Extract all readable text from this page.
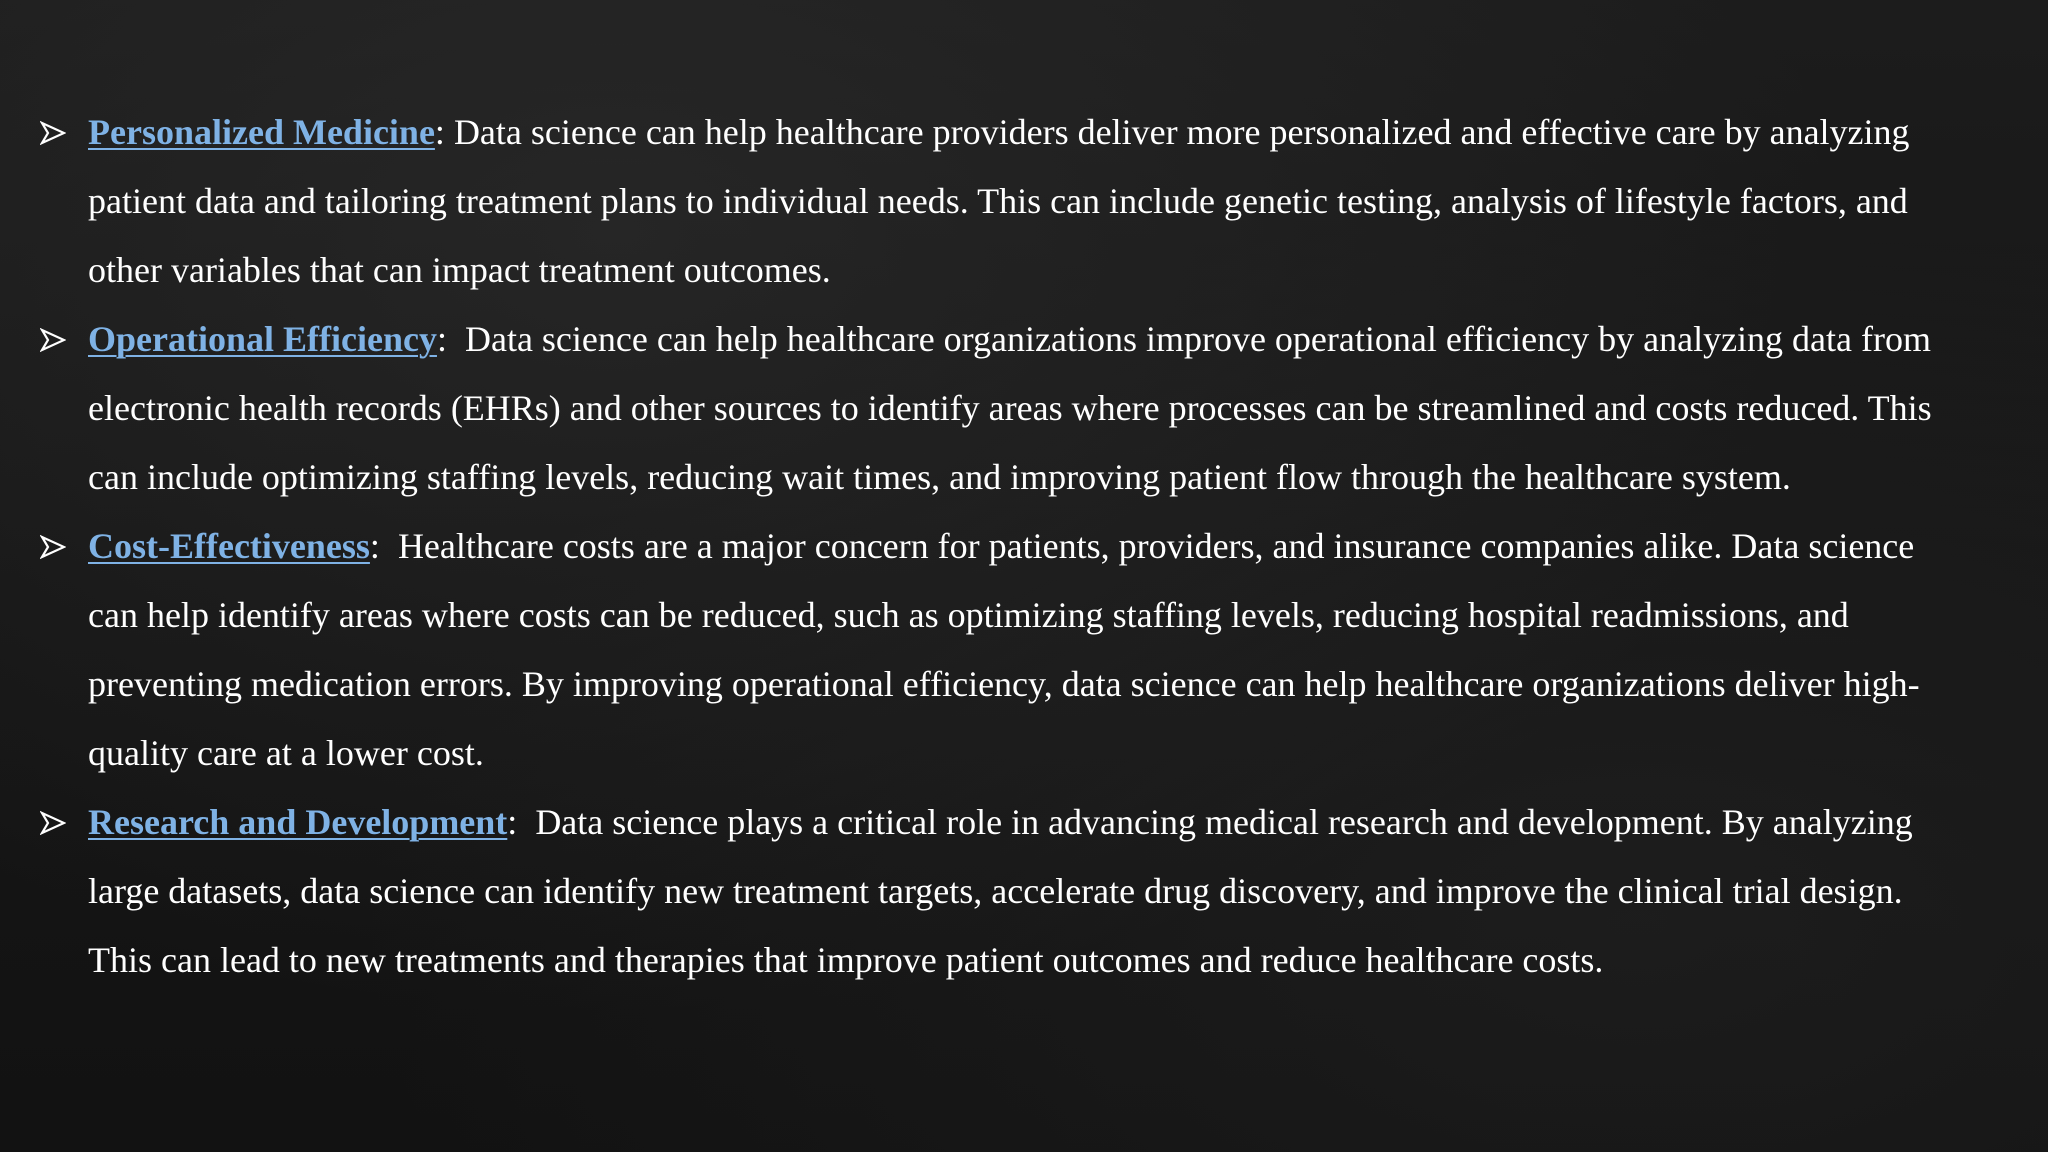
Personalized Medicine: Data science can help healthcare providers deliver more personalized and effective care by analyzing patient data and tailoring treatment plans to individual needs. This can include genetic testing, analysis of lifestyle factors, and other variables that can impact treatment outcomes.
Operational Efficiency:  Data science can help healthcare organizations improve operational efficiency by analyzing data from electronic health records (EHRs) and other sources to identify areas where processes can be streamlined and costs reduced. This can include optimizing staffing levels, reducing wait times, and improving patient flow through the healthcare system.
Cost-Effectiveness:  Healthcare costs are a major concern for patients, providers, and insurance companies alike. Data science can help identify areas where costs can be reduced, such as optimizing staffing levels, reducing hospital readmissions, and preventing medication errors. By improving operational efficiency, data science can help healthcare organizations deliver high-quality care at a lower cost.
Research and Development:  Data science plays a critical role in advancing medical research and development. By analyzing large datasets, data science can identify new treatment targets, accelerate drug discovery, and improve the clinical trial design. This can lead to new treatments and therapies that improve patient outcomes and reduce healthcare costs.
